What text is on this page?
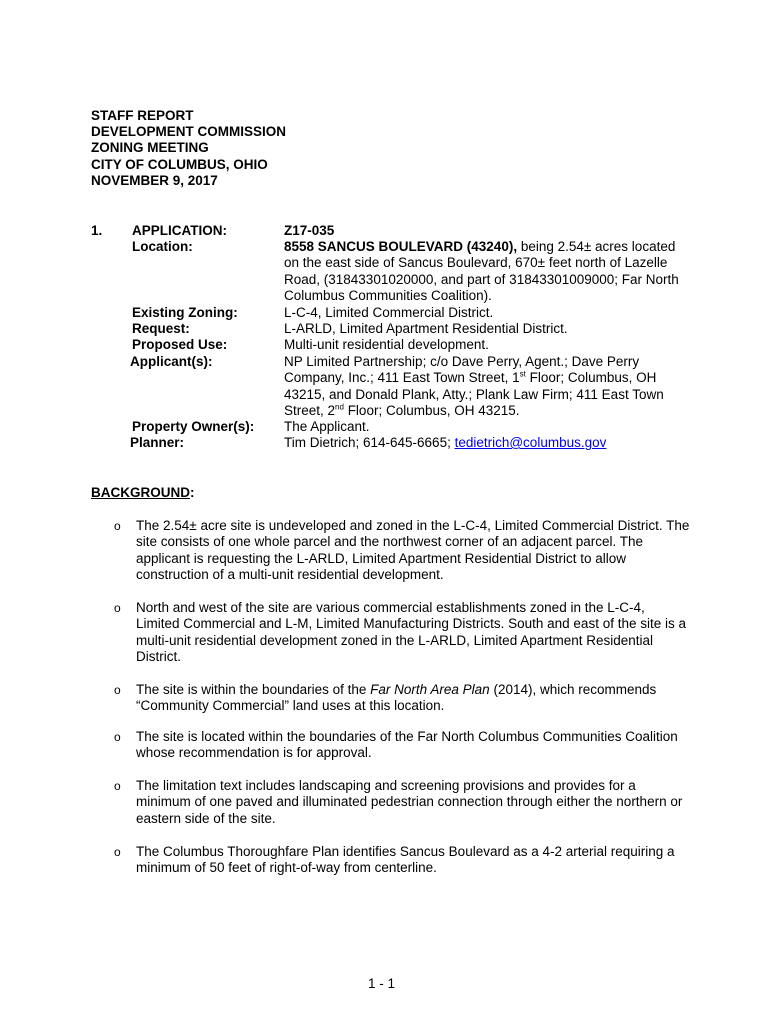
STAFF REPORT
DEVELOPMENT COMMISSION
ZONING MEETING
CITY OF COLUMBUS, OHIO
NOVEMBER 9, 2017
1. APPLICATION:	Z17-035
Location:	8558 SANCUS BOULEVARD (43240), being 2.54± acres located on the east side of Sancus Boulevard, 670± feet north of Lazelle Road, (31843301020000, and part of 31843301009000; Far North Columbus Communities Coalition).
Existing Zoning:	L-C-4, Limited Commercial District.
Request:	L-ARLD, Limited Apartment Residential District.
Proposed Use:	Multi-unit residential development.
Applicant(s):	NP Limited Partnership; c/o Dave Perry, Agent.; Dave Perry Company, Inc.; 411 East Town Street, 1st Floor; Columbus, OH 43215, and Donald Plank, Atty.; Plank Law Firm; 411 East Town Street, 2nd Floor; Columbus, OH 43215.
Property Owner(s): The Applicant.
Planner:	Tim Dietrich; 614-645-6665; tedietrich@columbus.gov
BACKGROUND:
o The 2.54± acre site is undeveloped and zoned in the L-C-4, Limited Commercial District. The site consists of one whole parcel and the northwest corner of an adjacent parcel. The applicant is requesting the L-ARLD, Limited Apartment Residential District to allow construction of a multi-unit residential development.
o North and west of the site are various commercial establishments zoned in the L-C-4, Limited Commercial and L-M, Limited Manufacturing Districts. South and east of the site is a multi-unit residential development zoned in the L-ARLD, Limited Apartment Residential District.
o The site is within the boundaries of the Far North Area Plan (2014), which recommends “Community Commercial” land uses at this location.
o The site is located within the boundaries of the Far North Columbus Communities Coalition whose recommendation is for approval.
o The limitation text includes landscaping and screening provisions and provides for a minimum of one paved and illuminated pedestrian connection through either the northern or eastern side of the site.
o The Columbus Thoroughfare Plan identifies Sancus Boulevard as a 4-2 arterial requiring a minimum of 50 feet of right-of-way from centerline.
1 - 1
